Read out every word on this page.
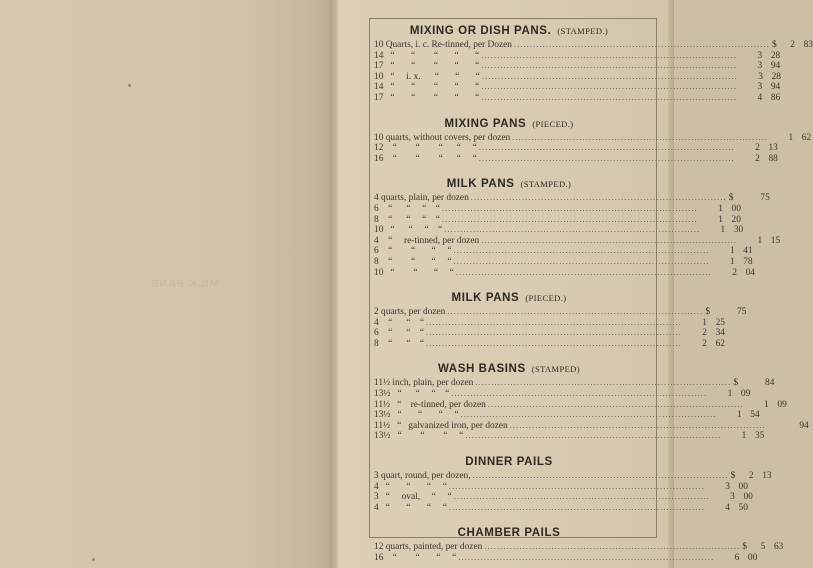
MILK PANS
MIXING OR DISH PANS. (STAMPED.)
10 Quarts, i. c. Re-tinned, per Dozen ................................................................................ $	2 83
14   “       “        “       “       “ ................................................................................	3 28
17   “       “        “       “       “ ................................................................................	3 94
10   “     i. x.      “       “       “ ................................................................................	3 28
14   “       “        “       “       “ ................................................................................	3 94
17   “       “        “       “       “ ................................................................................	4 86
MIXING PANS (PIECED.)
10 quarts, without covers, per dozen ................................................................................	1 62
12    “        “        “      “     “ ................................................................................	2 13
16    “        “        “      “     “ ................................................................................	2 88
MILK PANS (STAMPED.)
4 quarts, plain, per dozen ................................................................................ $	75
6    “      “     “    “ ................................................................................	1 00
8    “      “     “    “ ................................................................................	1 20
10   “      “     “    “ ................................................................................	1 30
4    “     re-tinned, per dozen ................................................................................	1 15
6    “        “       “     “ ................................................................................	1 41
8    “        “       “     “ ................................................................................	1 78
10   “        “       “     “ ................................................................................	2 04
MILK PANS (PIECED.)
2 quarts, per dozen ................................................................................ $	75
4    “      “    “ ................................................................................	1 25
6    “      “    “ ................................................................................	2 34
8    “      “    “ ................................................................................	2 62
WASH BASINS (STAMPED)
11½ inch, plain, per dozen ................................................................................ $	84
13½   “      “     “    “ ................................................................................	1 09
11½   “    re-tinned, per dozen ................................................................................	1 09
13½   “       “       “     “ ................................................................................	1 54
11½   “   galvanized iron, per dozen ................................................................................	94
13½   “        “        “     “ ................................................................................	1 35
DINNER PAILS
3 quart, round, per dozen, ................................................................................ $	2 13
4   “       “       “     “ ................................................................................	3 00
3   “     oval,     “     “ ................................................................................	3 00
4   “       “       “     “ ................................................................................	4 50
CHAMBER PAILS
12 quarts, painted, per dozen ................................................................................ $	5 63
16    “        “       “     “ ................................................................................	6 00
